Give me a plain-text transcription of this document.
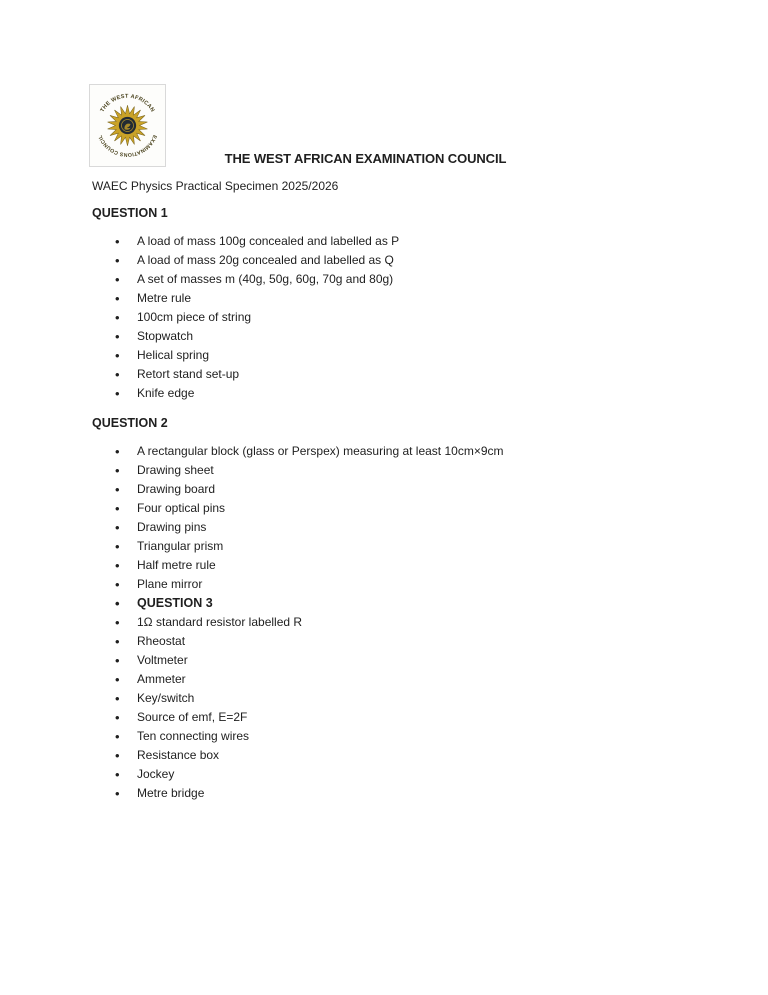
THE WEST AFRICAN
EXAMINATIONS COUNCIL
THE WEST AFRICAN EXAMINATION COUNCIL
WAEC Physics Practical Specimen 2025/2026
QUESTION 1
• A load of mass 100g concealed and labelled as P
• A load of mass 20g concealed and labelled as Q
• A set of masses m (40g, 50g, 60g, 70g and 80g)
• Metre rule
• 100cm piece of string
• Stopwatch
• Helical spring
• Retort stand set-up
• Knife edge
QUESTION 2
• A rectangular block (glass or Perspex) measuring at least 10cm×9cm
• Drawing sheet
• Drawing board
• Four optical pins
• Drawing pins
• Triangular prism
• Half metre rule
• Plane mirror
• QUESTION 3
• 1Ω standard resistor labelled R
• Rheostat
• Voltmeter
• Ammeter
• Key/switch
• Source of emf, E=2F
• Ten connecting wires
• Resistance box
• Jockey
• Metre bridge
